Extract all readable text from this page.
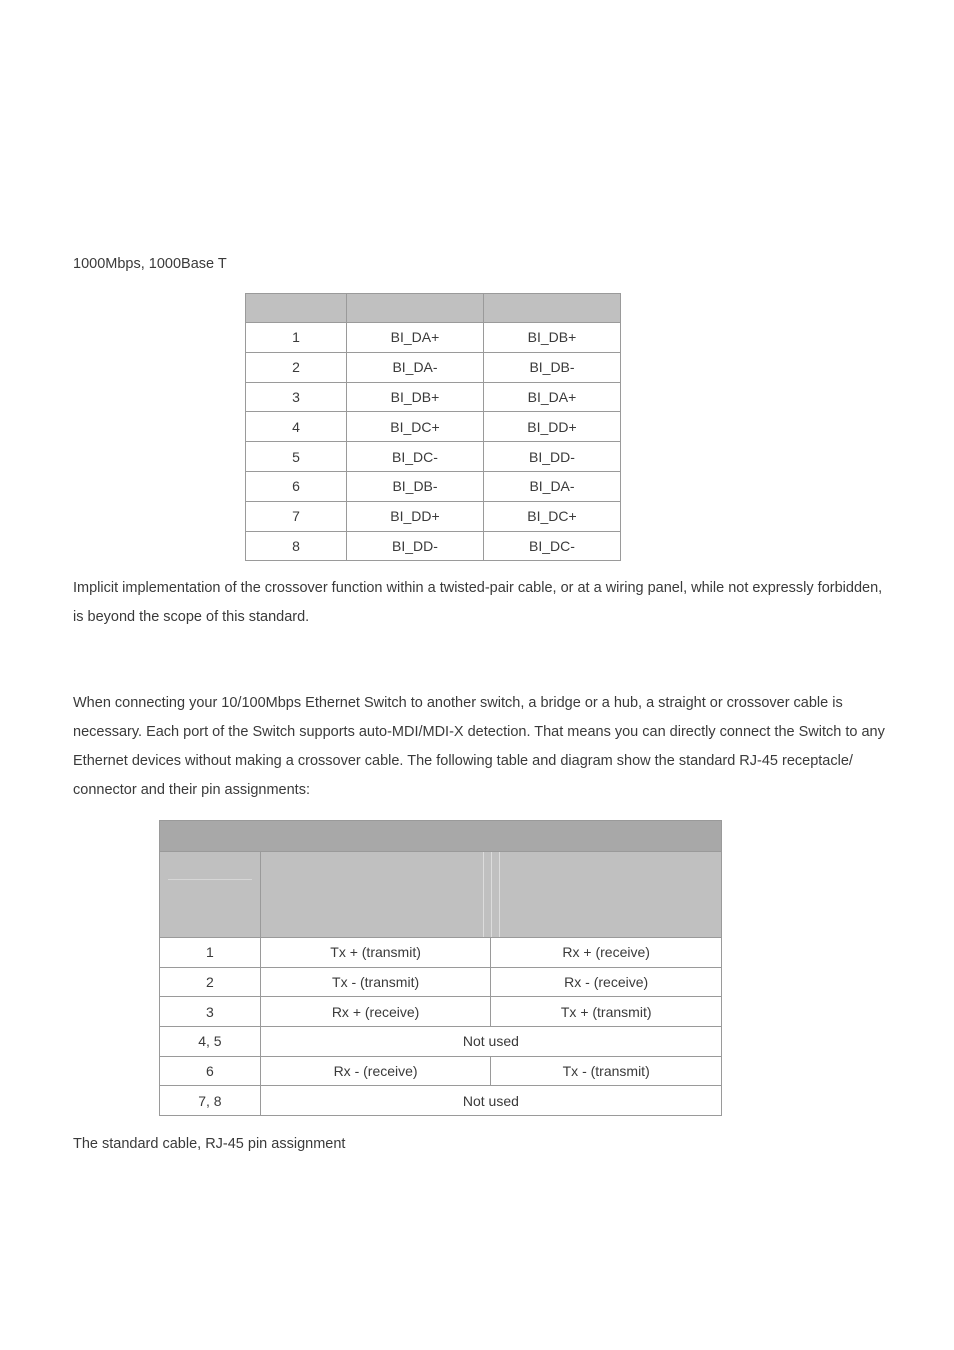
1000Mbps, 1000Base T

1	BI_DA+	BI_DB+
2	BI_DA-	BI_DB-
3	BI_DB+	BI_DA+
4	BI_DC+	BI_DD+
5	BI_DC-	BI_DD-
6	BI_DB-	BI_DA-
7	BI_DD+	BI_DC+
8	BI_DD-	BI_DC-

Implicit implementation of the crossover function within a twisted-pair cable, or at a wiring panel, while not expressly forbidden, is beyond the scope of this standard.

When connecting your 10/100Mbps Ethernet Switch to another switch, a bridge or a hub, a straight or crossover cable is necessary. Each port of the Switch supports auto-MDI/MDI-X detection. That means you can directly connect the Switch to any Ethernet devices without making a crossover cable. The following table and diagram show the standard RJ-45 receptacle/ connector and their pin assignments:

1	Tx + (transmit)	Rx + (receive)
2	Tx - (transmit)	Rx - (receive)
3	Rx + (receive)	Tx + (transmit)
4, 5	Not used	
6	Rx - (receive)	Tx - (transmit)
7, 8	Not used	

The standard cable, RJ-45 pin assignment
